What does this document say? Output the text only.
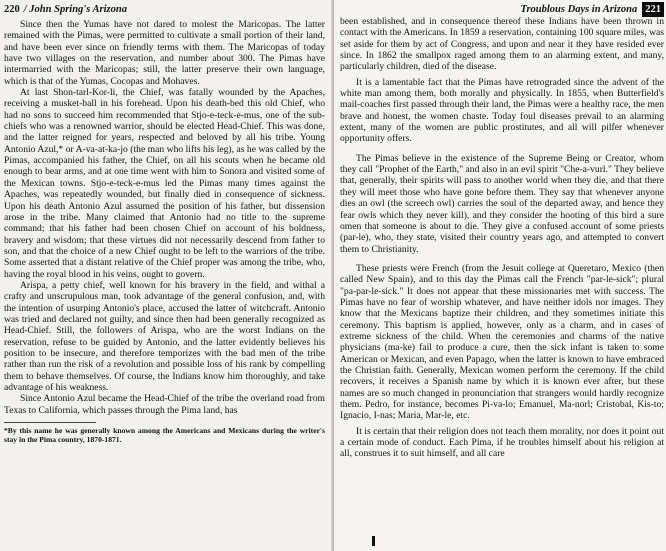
220 / John Spring's Arizona

Since then the Yumas have not dared to molest the Maricopas. The latter remained with the Pimas, were permitted to cultivate a small portion of their land, and have been ever since on friendly terms with them. The Maricopas of today have two villages on the reservation, and number about 300. The Pimas have intermarried with the Maricopas; still, the latter preserve their own language, which is that of the Yumas, Cocopas and Mohaves.

At last Shon-tarl-Kor-li, the Chief, was fatally wounded by the Apaches, receiving a musket-ball in his forehead. Upon his death-bed this old Chief, who had no sons to succeed him recommended that Stjo-e-teck-e-mus, one of the sub-chiefs who was a renowned warrior, should be elected Head-Chief. This was done, and the latter reigned for years, respected and beloved by all his tribe. Young Antonio Azul,* or A-va-at-ka-jo (the man who lifts his leg), as he was called by the Pimas, accompanied his father, the Chief, on all his scouts when he became old enough to bear arms, and at one time went with him to Sonora and visited some of the Mexican towns. Stjo-e-teck-e-mus led the Pimas many times against the Apaches, was repeatedly wounded, but finally died in consequence of sickness. Upon his death Antonio Azul assumed the position of his father, but dissension arose in the tribe. Many claimed that Antonio had no title to the supreme command; that his father had been chosen Chief on account of his boldness, bravery and wisdom; that these virtues did not necessarily descend from father to son, and that the choice of a new Chief ought to be left to the warriors of the tribe. Some asserted that a distant relative of the Chief proper was among the tribe, who, having the royal blood in his veins, ought to govern.

Arispa, a petty chief, well known for his bravery in the field, and withal a crafty and unscrupulous man, took advantage of the general confusion, and, with the intention of usurping Antonio's place, accused the latter of witchcraft. Antonio was tried and declared not guilty, and since then had been generally recognized as Head-Chief. Still, the followers of Arispa, who are the worst Indians on the reservation, refuse to be guided by Antonio, and the latter evidently believes his position to be insecure, and therefore temporizes with the bad men of the tribe rather than run the risk of a revolution and possible loss of his rank by compelling them to behave themselves. Of course, the Indians know him thoroughly, and take advantage of his weakness.

Since Antonio Azul became the Head-Chief of the tribe the overland road from Texas to California, which passes through the Pima land, has

*By this name he was generally known among the Americans and Mexicans during the writer's stay in the Pima country, 1870-1871.

Troublous Days in Arizona 221

been established, and in consequence thereof these Indians have been thrown in contact with the Americans. In 1859 a reservation, containing 100 square miles, was set aside for them by act of Congress, and upon and near it they have resided ever since. In 1862 the smallpox raged among them to an alarming extent, and many, particularly children, died of the disease.

It is a lamentable fact that the Pimas have retrograded since the advent of the white man among them, both morally and physically. In 1855, when Butterfield's mail-coaches first passed through their land, the Pimas were a healthy race, the men brave and honest, the women chaste. Today foul diseases prevail to an alarming extent, many of the women are public prostitutes, and all will pilfer whenever opportunity offers.

The Pimas believe in the existence of the Supreme Being or Creator, whom they call "Prophet of the Earth," and also in an evil spirit "Che-a-vurl." They believe that, generally, their spirits will pass to another world when they die, and that there they will meet those who have gone before them. They say that whenever anyone dies an owl (the screech owl) carries the soul of the departed away, and hence they fear owls which they never kill), and they consider the hooting of this bird a sure omen that someone is about to die. They give a confused account of some priests (par-le), who, they state, visited their country years ago, and attempted to convert them to Christianity.

These priests were French (from the Jesuit college at Queretaro, Mexico (then called New Spain), and to this day the Pimas call the French "par-le-sick"; plural "pa-par-le-sick." It does not appear that these missionaries met with success. The Pimas have no fear of worship whatever, and have neither idols nor images. They know that the Mexicans baptize their children, and they sometimes initiate this ceremony. This baptism is applied, however, only as a charm, and in cases of extreme sickness of the child. When the ceremonies and charms of the native physicians (ma-ke) fail to produce a cure, then the sick infant is taken to some American or Mexican, and even Papago, when the latter is known to have embraced the Christian faith. Generally, Mexican women perform the ceremony. If the child recovers, it receives a Spanish name by which it is known ever after, but these names are so much changed in pronunciation that strangers would hardly recognize them. Pedro, for instance, becomes Pi-va-lo; Emanuel, Ma-norl; Cristobal, Kis-to; Ignacio, I-nas; Maria, Mar-le, etc.

It is certain that their religion does not teach them morality, nor does it point out a certain mode of conduct. Each Pima, if he troubles himself about his religion at all, construes it to suit himself, and all care
